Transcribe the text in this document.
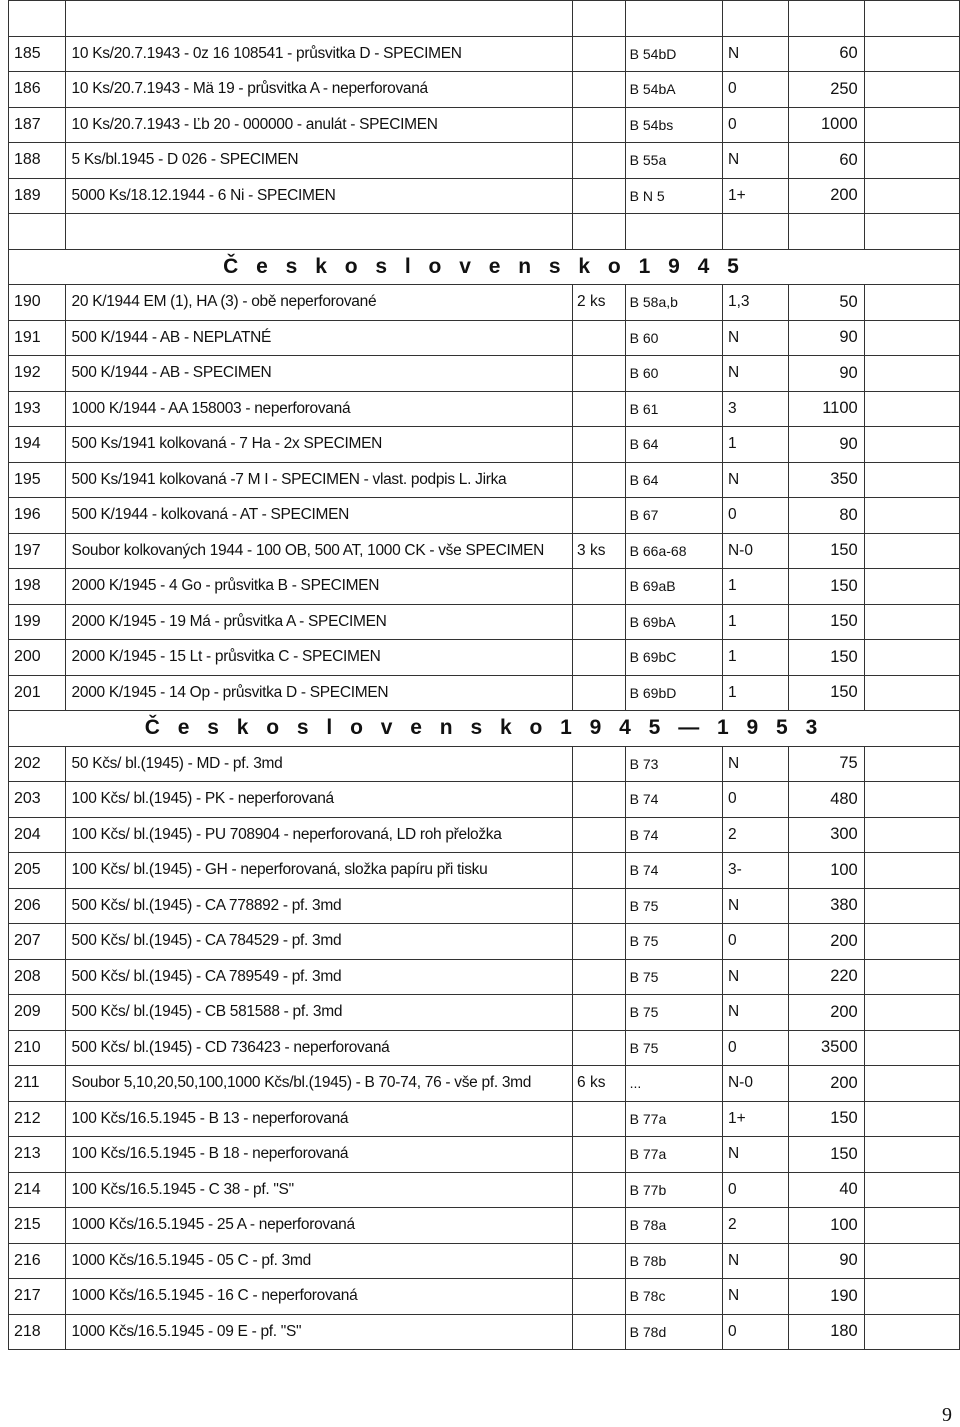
185	10 Ks/20.7.1943 - 0z 16 108541 - průsvitka D - SPECIMEN		B 54bD	N	60	
186	10 Ks/20.7.1943 - Mä 19 - průsvitka A - neperforovaná		B 54bA	0	250	
187	10 Ks/20.7.1943 - Ľb 20 - 000000 - anulát - SPECIMEN		B 54bs	0	1000	
188	5 Ks/bl.1945 - D 026 - SPECIMEN		B 55a	N	60	
189	5000 Ks/18.12.1944 - 6 Ni - SPECIMEN		B N 5	1+	200	

Č e s k o s l o v e n s k o 1 9 4 5						
190	20 K/1944 EM (1), HA (3) - obě neperforované	2 ks	B 58a,b	1,3	50	
191	500 K/1944 - AB - NEPLATNÉ		B 60	N	90	
192	500 K/1944 - AB - SPECIMEN		B 60	N	90	
193	1000 K/1944 - AA 158003 - neperforovaná		B 61	3	1100	
194	500 Ks/1941 kolkovaná - 7 Ha - 2x SPECIMEN		B 64	1	90	
195	500 Ks/1941 kolkovaná -7 M I - SPECIMEN - vlast. podpis L. Jirka		B 64	N	350	
196	500 K/1944 - kolkovaná - AT - SPECIMEN		B 67	0	80	
197	Soubor kolkovaných 1944 - 100 OB, 500 AT, 1000 CK - vše SPECIMEN	3 ks	B 66a-68	N-0	150	
198	2000 K/1945 - 4 Go - průsvitka B - SPECIMEN		B 69aB	1	150	
199	2000 K/1945 - 19 Má - průsvitka A - SPECIMEN		B 69bA	1	150	
200	2000 K/1945 - 15 Lt - průsvitka C - SPECIMEN		B 69bC	1	150	
201	2000 K/1945 - 14 Op - průsvitka D - SPECIMEN		B 69bD	1	150	
Č e s k o s l o v e n s k o 1 9 4 5 — 1 9 5 3						
202	50 Kčs/ bl.(1945) - MD - pf. 3md		B 73	N	75	
203	100 Kčs/ bl.(1945) - PK - neperforovaná		B 74	0	480	
204	100 Kčs/ bl.(1945) - PU 708904 - neperforovaná, LD roh přeložka		B 74	2	300	
205	100 Kčs/ bl.(1945) - GH - neperforovaná, složka papíru při tisku		B 74	3-	100	
206	500 Kčs/ bl.(1945) - CA 778892 - pf. 3md		B 75	N	380	
207	500 Kčs/ bl.(1945) - CA 784529 - pf. 3md		B 75	0	200	
208	500 Kčs/ bl.(1945) - CA 789549 - pf. 3md		B 75	N	220	
209	500 Kčs/ bl.(1945) - CB 581588 - pf. 3md		B 75	N	200	
210	500 Kčs/ bl.(1945) - CD 736423 - neperforovaná		B 75	0	3500	
211	Soubor 5,10,20,50,100,1000 Kčs/bl.(1945) - B 70-74, 76 - vše pf. 3md	6 ks	...	N-0	200	
212	100 Kčs/16.5.1945 - B 13 - neperforovaná		B 77a	1+	150	
213	100 Kčs/16.5.1945 - B 18 - neperforovaná		B 77a	N	150	
214	100 Kčs/16.5.1945 - C 38 - pf. "S"		B 77b	0	40	
215	1000 Kčs/16.5.1945 - 25 A - neperforovaná		B 78a	2	100	
216	1000 Kčs/16.5.1945 - 05 C - pf. 3md		B 78b	N	90	
217	1000 Kčs/16.5.1945 - 16 C - neperforovaná		B 78c	N	190	
218	1000 Kčs/16.5.1945 - 09 E - pf. "S"		B 78d	0	180	
9
